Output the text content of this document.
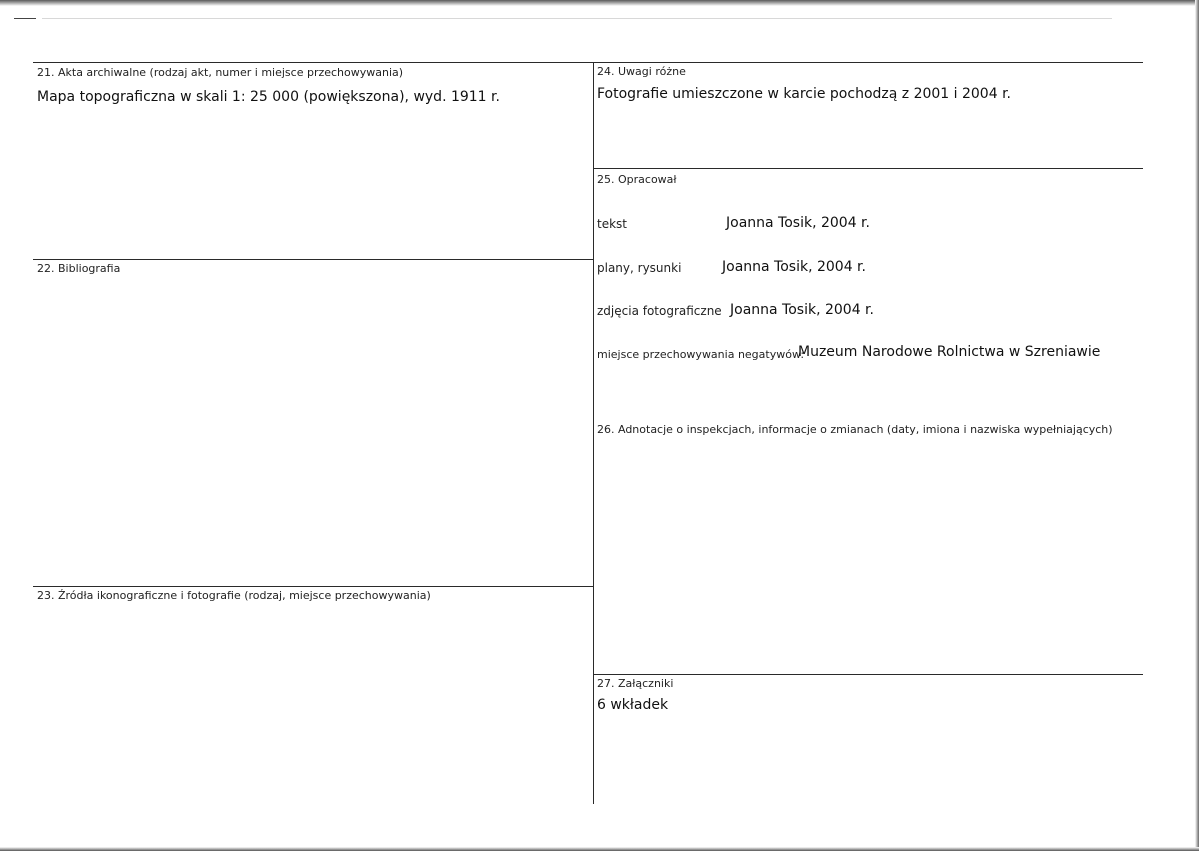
21. Akta archiwalne (rodzaj akt, numer i miejsce przechowywania)
Mapa topograficzna w skali 1: 25 000 (powiększona), wyd. 1911 r.
22. Bibliografia
23. Źródła ikonograficzne i fotografie (rodzaj, miejsce przechowywania)
24. Uwagi różne
Fotografie umieszczone w karcie pochodzą z 2001 i 2004 r.
25. Opracował
tekst	Joanna Tosik, 2004 r.
plany, rysunki	Joanna Tosik, 2004 r.
zdjęcia fotograficzne Joanna Tosik, 2004 r.
miejsce przechowywania negatywów:
Muzeum Narodowe Rolnictwa w Szreniawie
26. Adnotacje o inspekcjach, informacje o zmianach (daty, imiona i nazwiska wypełniających)
27. Załączniki
6 wkładek
